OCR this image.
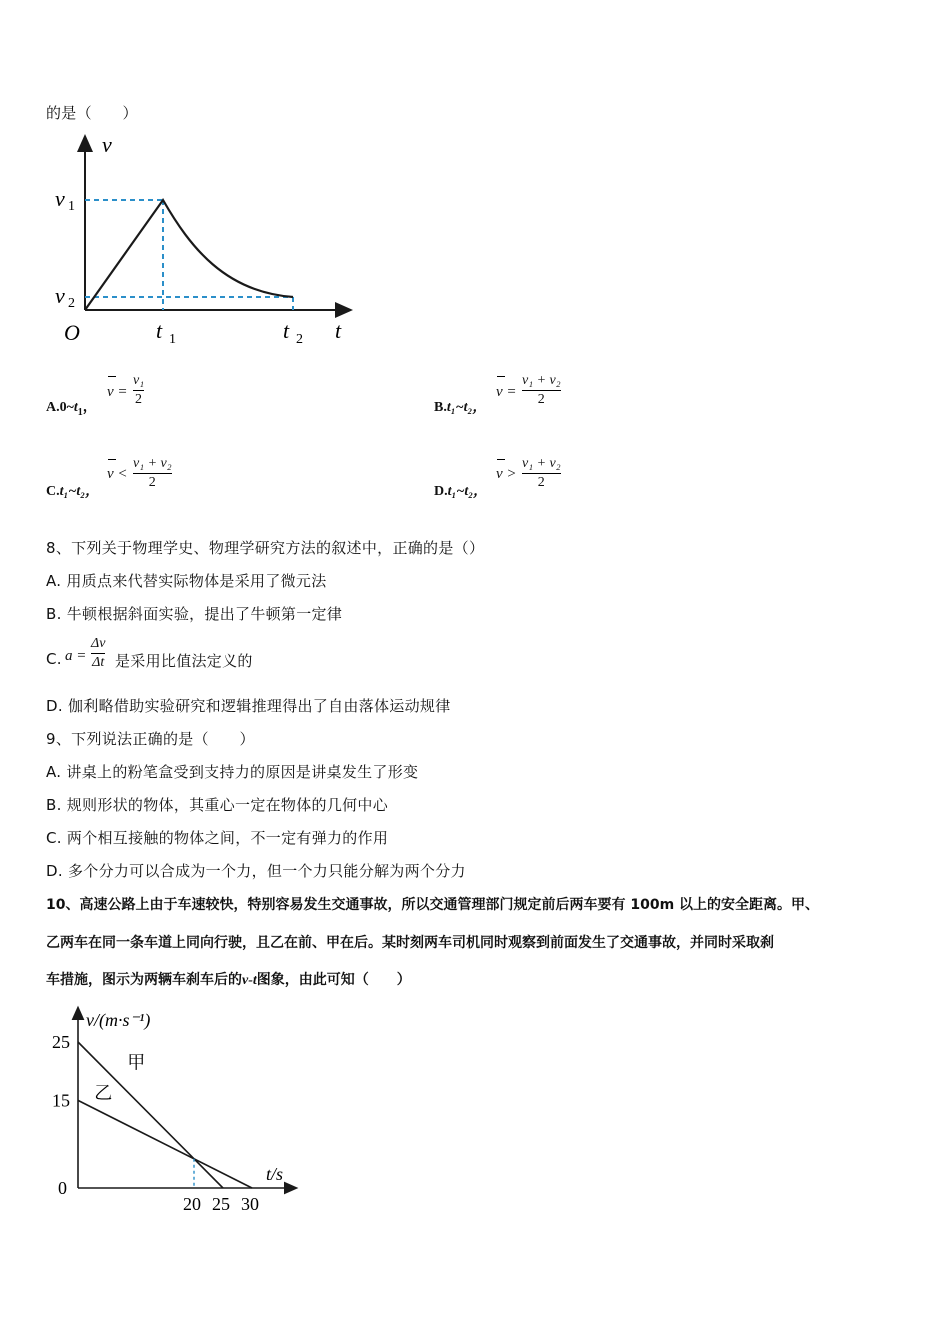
的是（　　）
v
t
O
v 1
v 2
t 1	t 2
$A.0\sim t_1$，
v =
v₁
2
B.t₁~t₂，
v =
v₁ + v₂
2
C.t₁~t₂，
v <
v₁ + v₂
2
D.t₁~t₂，
v >
v₁ + v₂
2
8、下列关于物理学史、物理学研究方法的叙述中，正确的是（）
A. 用质点来代替实际物体是采用了微元法
B. 牛顿根据斜面实验，提出了牛顿第一定律
C. a =
Δv
Δt 是采用比值法定义的
D. 伽利略借助实验研究和逻辑推理得出了自由落体运动规律
9、下列说法正确的是（　　）
A. 讲桌上的粉笔盒受到支持力的原因是讲桌发生了形变
B. 规则形状的物体，其重心一定在物体的几何中心
C. 两个相互接触的物体之间，不一定有弹力的作用
D. 多个分力可以合成为一个力，但一个力只能分解为两个分力
10、高速公路上由于车速较快，特别容易发生交通事故，所以交通管理部门规定前后两车要有 100m 以上的安全距离。甲、
乙两车在同一条车道上同向行驶，且乙在前、甲在后。某时刻两车司机同时观察到前面发生了交通事故，并同时采取刹
车措施，图示为两辆车刹车后的v-t图象，由此可知（　　）
甲
乙
25
15
20 25 30
v/(m·s⁻¹)
t/s
0
